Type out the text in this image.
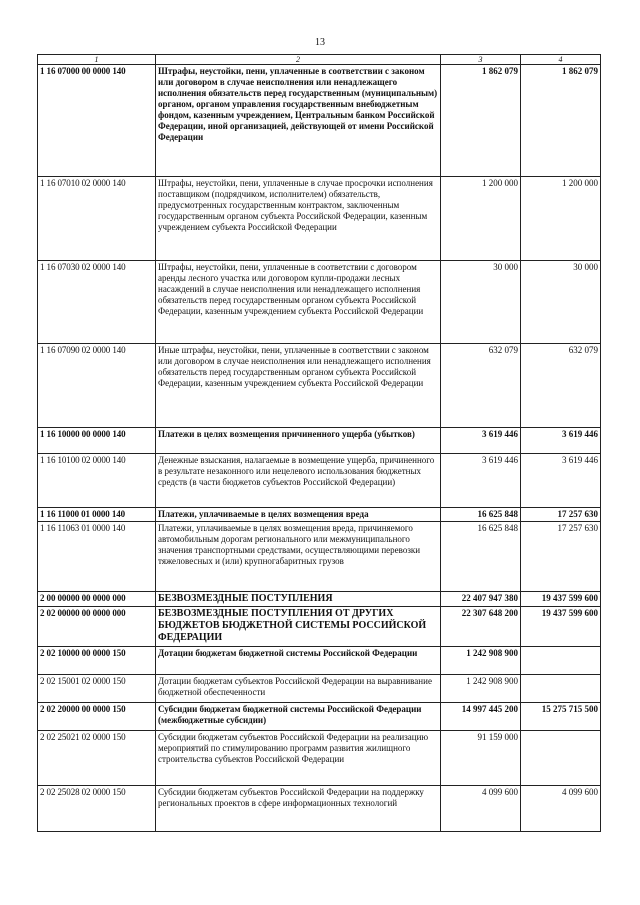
13
1	2	3	4
1 16 07000 00 0000 140	Штрафы, неустойки, пени, уплаченные в соответствии с законом или договором в случае неисполнения или ненадлежащего исполнения обязательств перед государственным (муниципальным) органом, органом управления государственным внебюджетным фондом, казенным учреждением, Центральным банком Российской Федерации, иной организацией, действующей от имени Российской Федерации	1 862 079	1 862 079
1 16 07010 02 0000 140	Штрафы, неустойки, пени, уплаченные в случае просрочки исполнения поставщиком (подрядчиком, исполнителем) обязательств, предусмотренных государственным контрактом, заключенным государственным органом субъекта Российской Федерации, казенным учреждением субъекта Российской Федерации	1 200 000	1 200 000
1 16 07030 02 0000 140	Штрафы, неустойки, пени, уплаченные в соответствии с договором аренды лесного участка или договором купли-продажи лесных насаждений в случае неисполнения или ненадлежащего исполнения обязательств перед государственным органом субъекта Российской Федерации, казенным учреждением субъекта Российской Федерации	30 000	30 000
1 16 07090 02 0000 140	Иные штрафы, неустойки, пени, уплаченные в соответствии с законом или договором в случае неисполнения или ненадлежащего исполнения обязательств перед государственным органом субъекта Российской Федерации, казенным учреждением субъекта Российской Федерации	632 079	632 079
1 16 10000 00 0000 140	Платежи в целях возмещения причиненного ущерба (убытков)	3 619 446	3 619 446
1 16 10100 02 0000 140	Денежные взыскания, налагаемые в возмещение ущерба, причиненного в результате незаконного или нецелевого использования бюджетных средств (в части бюджетов субъектов Российской Федерации)	3 619 446	3 619 446
1 16 11000 01 0000 140	Платежи, уплачиваемые в целях возмещения вреда	16 625 848	17 257 630
1 16 11063 01 0000 140	Платежи, уплачиваемые в целях возмещения вреда, причиняемого автомобильным дорогам регионального или межмуниципального значения транспортными средствами, осуществляющими перевозки тяжеловесных и (или) крупногабаритных грузов	16 625 848	17 257 630
2 00 00000 00 0000 000	БЕЗВОЗМЕЗДНЫЕ ПОСТУПЛЕНИЯ	22 407 947 380	19 437 599 600
2 02 00000 00 0000 000	БЕЗВОЗМЕЗДНЫЕ ПОСТУПЛЕНИЯ ОТ ДРУГИХ БЮДЖЕТОВ БЮДЖЕТНОЙ СИСТЕМЫ РОССИЙСКОЙ ФЕДЕРАЦИИ	22 307 648 200	19 437 599 600
2 02 10000 00 0000 150	Дотации бюджетам бюджетной системы Российской Федерации	1 242 908 900	
2 02 15001 02 0000 150	Дотации бюджетам субъектов Российской Федерации на выравнивание бюджетной обеспеченности	1 242 908 900	
2 02 20000 00 0000 150	Субсидии бюджетам бюджетной системы Российской Федерации (межбюджетные субсидии)	14 997 445 200	15 275 715 500
2 02 25021 02 0000 150	Субсидии бюджетам субъектов Российской Федерации на реализацию мероприятий по стимулированию программ развития жилищного строительства субъектов Российской Федерации	91 159 000	
2 02 25028 02 0000 150	Субсидии бюджетам субъектов Российской Федерации на поддержку региональных проектов в сфере информационных технологий	4 099 600	4 099 600
